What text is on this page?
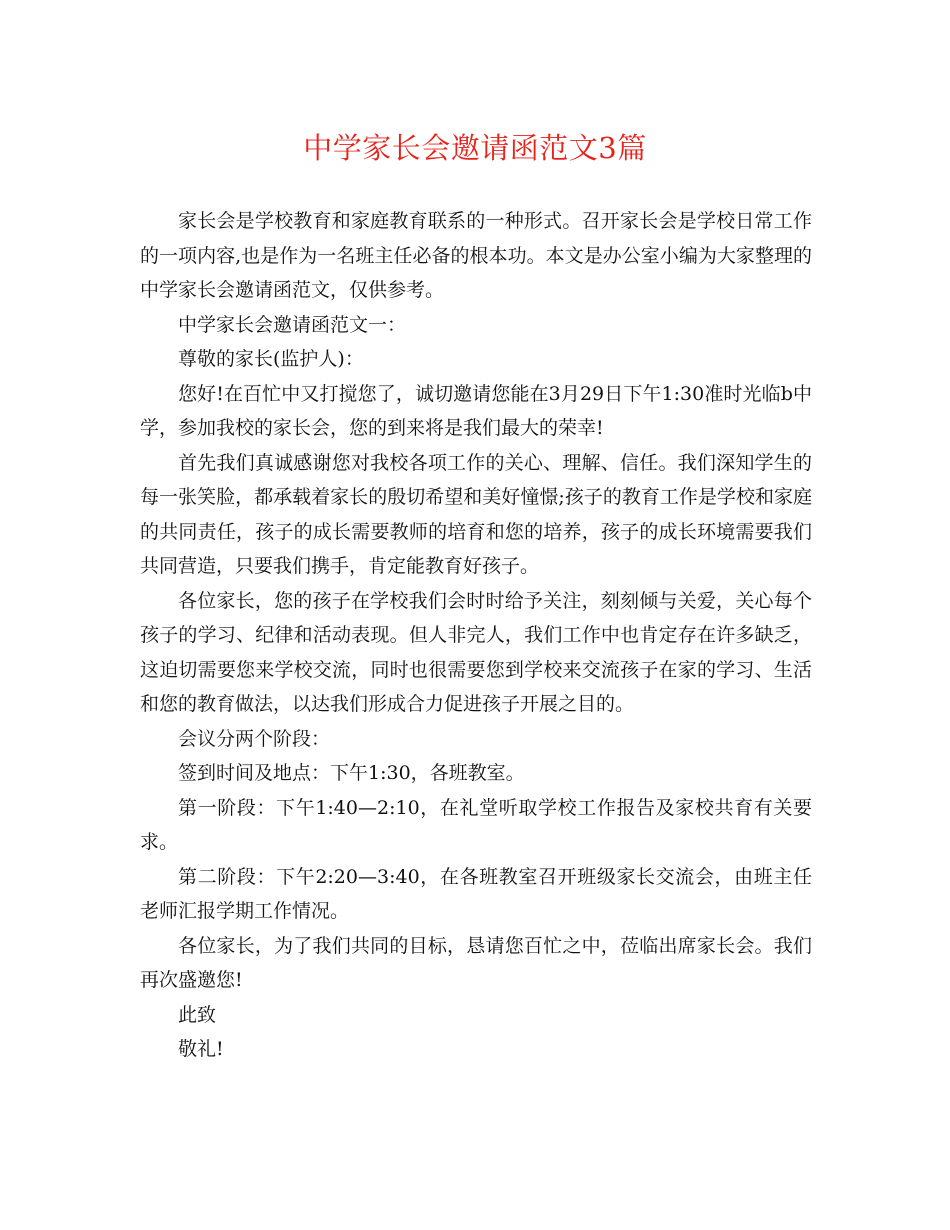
中学家长会邀请函范文3篇

家长会是学校教育和家庭教育联系的一种形式。召开家长会是学校日常工作的一项内容,也是作为一名班主任必备的根本功。本文是办公室小编为大家整理的中学家长会邀请函范文，仅供参考。

中学家长会邀请函范文一：

尊敬的家长(监护人)：

您好!在百忙中又打搅您了，诚切邀请您能在3月29日下午1:30准时光临b中学，参加我校的家长会，您的到来将是我们最大的荣幸!

首先我们真诚感谢您对我校各项工作的关心、理解、信任。我们深知学生的每一张笑脸，都承载着家长的殷切希望和美好憧憬;孩子的教育工作是学校和家庭的共同责任，孩子的成长需要教师的培育和您的培养，孩子的成长环境需要我们共同营造，只要我们携手，肯定能教育好孩子。

各位家长，您的孩子在学校我们会时时给予关注，刻刻倾与关爱，关心每个孩子的学习、纪律和活动表现。但人非完人，我们工作中也肯定存在许多缺乏，这迫切需要您来学校交流，同时也很需要您到学校来交流孩子在家的学习、生活和您的教育做法，以达我们形成合力促进孩子开展之目的。

会议分两个阶段：

签到时间及地点：下午1:30，各班教室。

第一阶段：下午1:40—2:10，在礼堂听取学校工作报告及家校共育有关要求。

第二阶段：下午2:20—3:40，在各班教室召开班级家长交流会，由班主任老师汇报学期工作情况。

各位家长，为了我们共同的目标，恳请您百忙之中，莅临出席家长会。我们再次盛邀您!

此致

敬礼!
